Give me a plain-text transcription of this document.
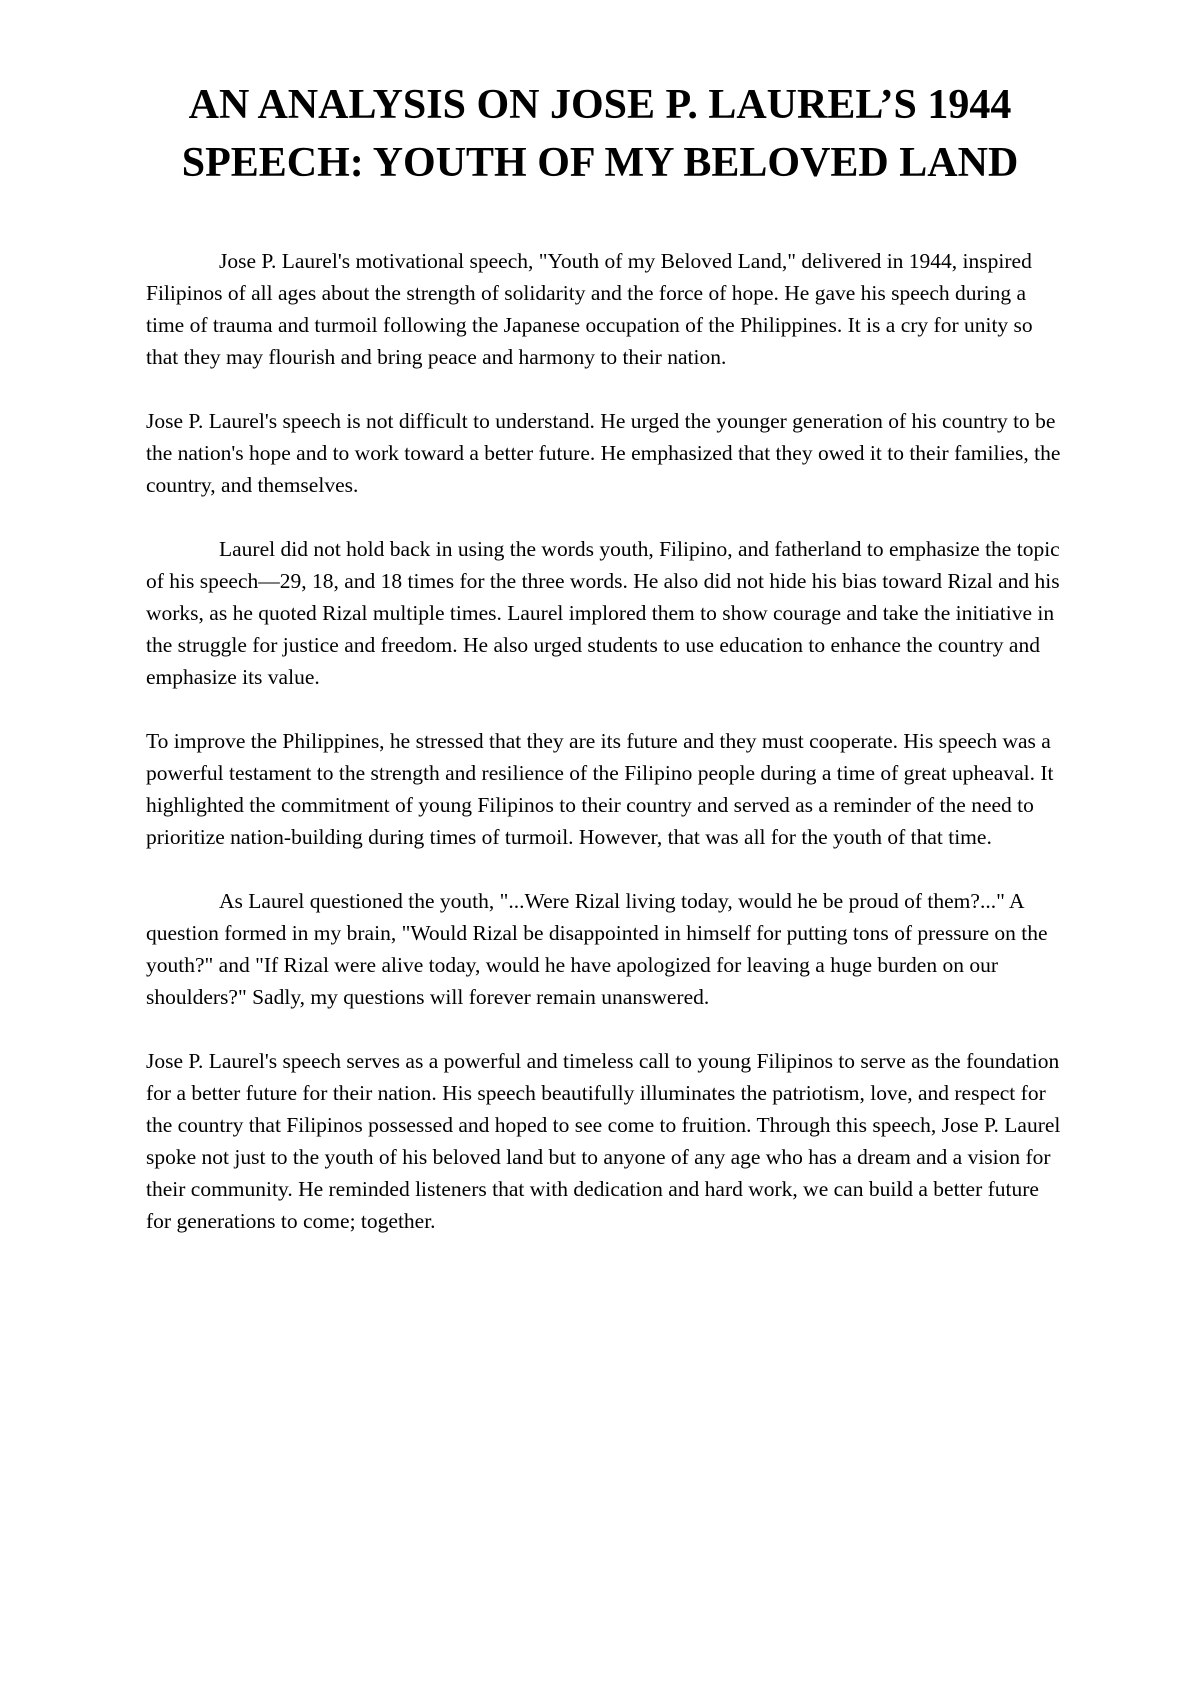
AN ANALYSIS ON JOSE P. LAUREL’S 1944 SPEECH: YOUTH OF MY BELOVED LAND

Jose P. Laurel's motivational speech, "Youth of my Beloved Land," delivered in 1944, inspired Filipinos of all ages about the strength of solidarity and the force of hope. He gave his speech during a time of trauma and turmoil following the Japanese occupation of the Philippines. It is a cry for unity so that they may flourish and bring peace and harmony to their nation.

Jose P. Laurel's speech is not difficult to understand. He urged the younger generation of his country to be the nation's hope and to work toward a better future. He emphasized that they owed it to their families, the country, and themselves.

Laurel did not hold back in using the words youth, Filipino, and fatherland to emphasize the topic of his speech—29, 18, and 18 times for the three words. He also did not hide his bias toward Rizal and his works, as he quoted Rizal multiple times. Laurel implored them to show courage and take the initiative in the struggle for justice and freedom. He also urged students to use education to enhance the country and emphasize its value.

To improve the Philippines, he stressed that they are its future and they must cooperate. His speech was a powerful testament to the strength and resilience of the Filipino people during a time of great upheaval. It highlighted the commitment of young Filipinos to their country and served as a reminder of the need to prioritize nation-building during times of turmoil. However, that was all for the youth of that time.

As Laurel questioned the youth, "...Were Rizal living today, would he be proud of them?..." A question formed in my brain, "Would Rizal be disappointed in himself for putting tons of pressure on the youth?" and "If Rizal were alive today, would he have apologized for leaving a huge burden on our shoulders?" Sadly, my questions will forever remain unanswered.

Jose P. Laurel's speech serves as a powerful and timeless call to young Filipinos to serve as the foundation for a better future for their nation. His speech beautifully illuminates the patriotism, love, and respect for the country that Filipinos possessed and hoped to see come to fruition. Through this speech, Jose P. Laurel spoke not just to the youth of his beloved land but to anyone of any age who has a dream and a vision for their community. He reminded listeners that with dedication and hard work, we can build a better future for generations to come; together.
